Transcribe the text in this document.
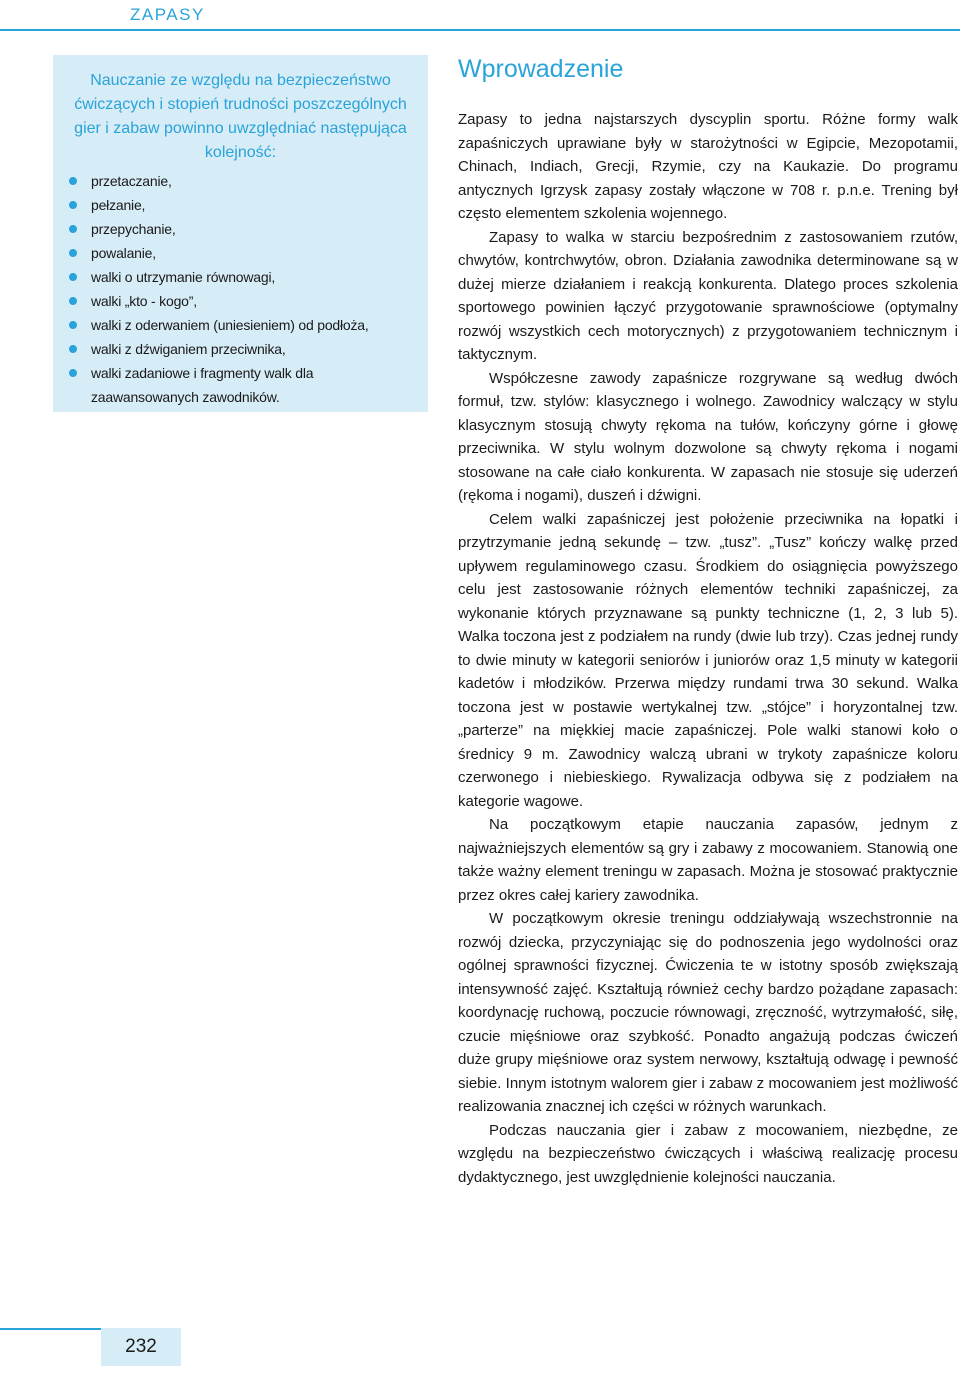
ZAPASY
Nauczanie ze względu na bezpieczeństwo ćwiczących i stopień trudności poszczególnych gier i zabaw powinno uwzględniać następująca kolejność:
przetaczanie,
pełzanie,
przepychanie,
powalanie,
walki o utrzymanie równowagi,
walki „kto - kogo”,
walki z oderwaniem (uniesieniem) od podłoża,
walki z dźwiganiem przeciwnika,
walki zadaniowe i fragmenty walk dla zaawansowanych zawodników.
Wprowadzenie

Zapasy to jedna najstarszych dyscyplin sportu. Różne formy walk zapaśniczych uprawiane były w starożytności w Egipcie, Mezopotamii, Chinach, Indiach, Grecji, Rzymie, czy na Kaukazie. Do programu antycznych Igrzysk zapasy zostały włączone w 708 r. p.n.e. Trening był często elementem szkolenia wojennego.

Zapasy to walka w starciu bezpośrednim z zastosowaniem rzutów, chwytów, kontrchwytów, obron. Działania zawodnika determinowane są w dużej mierze działaniem i reakcją konkurenta. Dlatego proces szkolenia sportowego powinien łączyć przygotowanie sprawnościowe (optymalny rozwój wszystkich cech motorycznych) z przygotowaniem technicznym i taktycznym.

Współczesne zawody zapaśnicze rozgrywane są według dwóch formuł, tzw. stylów: klasycznego i wolnego. Zawodnicy walczący w stylu klasycznym stosują chwyty rękoma na tułów, kończyny górne i głowę przeciwnika. W stylu wolnym dozwolone są chwyty rękoma i nogami stosowane na całe ciało konkurenta. W zapasach nie stosuje się uderzeń (rękoma i nogami), duszeń i dźwigni.

Celem walki zapaśniczej jest położenie przeciwnika na łopatki i przytrzymanie jedną sekundę – tzw. „tusz”. „Tusz” kończy walkę przed upływem regulaminowego czasu. Środkiem do osiągnięcia powyższego celu jest zastosowanie różnych elementów techniki zapaśniczej, za wykonanie których przyznawane są punkty techniczne (1, 2, 3 lub 5). Walka toczona jest z podziałem na rundy (dwie lub trzy). Czas jednej rundy to dwie minuty w kategorii seniorów i juniorów oraz 1,5 minuty w kategorii kadetów i młodzików. Przerwa między rundami trwa 30 sekund. Walka toczona jest w postawie wertykalnej tzw. „stójce” i horyzontalnej tzw. „parterze” na miękkiej macie zapaśniczej. Pole walki stanowi koło o średnicy 9 m. Zawodnicy walczą ubrani w trykoty zapaśnicze koloru czerwonego i niebieskiego. Rywalizacja odbywa się z podziałem na kategorie wagowe.

Na początkowym etapie nauczania zapasów, jednym z najważniejszych elementów są gry i zabawy z mocowaniem. Stanowią one także ważny element treningu w zapasach. Można je stosować praktycznie przez okres całej kariery zawodnika.

W początkowym okresie treningu oddziaływają wszechstronnie na rozwój dziecka, przyczyniając się do podnoszenia jego wydolności oraz ogólnej sprawności fizycznej. Ćwiczenia te w istotny sposób zwiększają intensywność zajęć. Kształtują również cechy bardzo pożądane zapasach: koordynację ruchową, poczucie równowagi, zręczność, wytrzymałość, siłę, czucie mięśniowe oraz szybkość. Ponadto angażują podczas ćwiczeń duże grupy mięśniowe oraz system nerwowy, kształtują odwagę i pewność siebie. Innym istotnym walorem gier i zabaw z mocowaniem jest możliwość realizowania znacznej ich części w różnych warunkach.

Podczas nauczania gier i zabaw z mocowaniem, niezbędne, ze względu na bezpieczeństwo ćwiczących i właściwą realizację procesu dydaktycznego, jest uwzględnienie kolejności nauczania.

232
